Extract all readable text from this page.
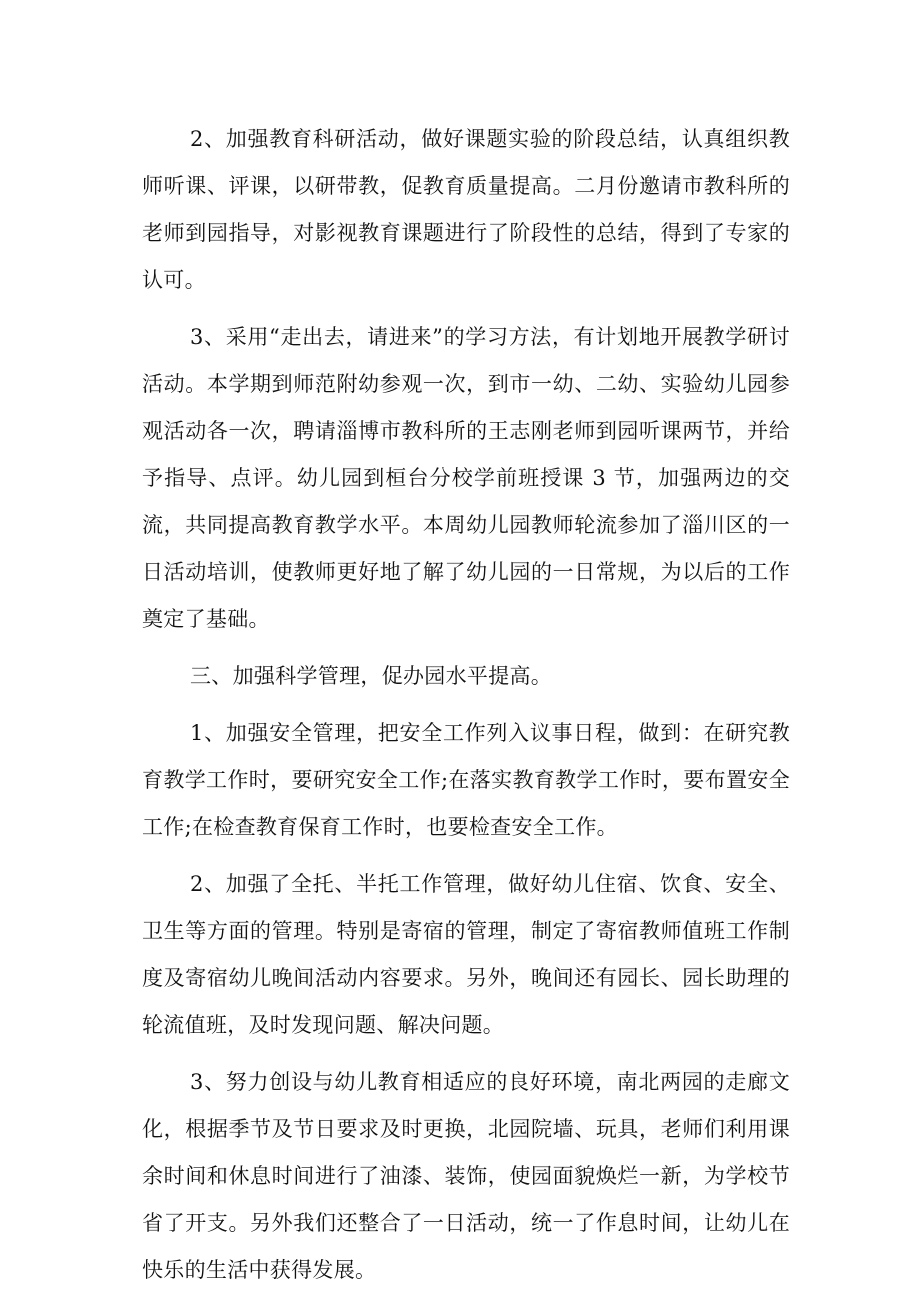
2、加强教育科研活动，做好课题实验的阶段总结，认真组织教师听课、评课，以研带教，促教育质量提高。二月份邀请市教科所的老师到园指导，对影视教育课题进行了阶段性的总结，得到了专家的认可。

3、采用“走出去，请进来”的学习方法，有计划地开展教学研讨活动。本学期到师范附幼参观一次，到市一幼、二幼、实验幼儿园参观活动各一次，聘请淄博市教科所的王志刚老师到园听课两节，并给予指导、点评。幼儿园到桓台分校学前班授课 3 节，加强两边的交流，共同提高教育教学水平。本周幼儿园教师轮流参加了淄川区的一日活动培训，使教师更好地了解了幼儿园的一日常规，为以后的工作奠定了基础。

三、加强科学管理，促办园水平提高。

1、加强安全管理，把安全工作列入议事日程，做到：在研究教育教学工作时，要研究安全工作;在落实教育教学工作时，要布置安全工作;在检查教育保育工作时，也要检查安全工作。

2、加强了全托、半托工作管理，做好幼儿住宿、饮食、安全、卫生等方面的管理。特别是寄宿的管理，制定了寄宿教师值班工作制度及寄宿幼儿晚间活动内容要求。另外，晚间还有园长、园长助理的轮流值班，及时发现问题、解决问题。

3、努力创设与幼儿教育相适应的良好环境，南北两园的走廊文化，根据季节及节日要求及时更换，北园院墙、玩具，老师们利用课余时间和休息时间进行了油漆、装饰，使园面貌焕烂一新，为学校节省了开支。另外我们还整合了一日活动，统一了作息时间，让幼儿在快乐的生活中获得发展。
